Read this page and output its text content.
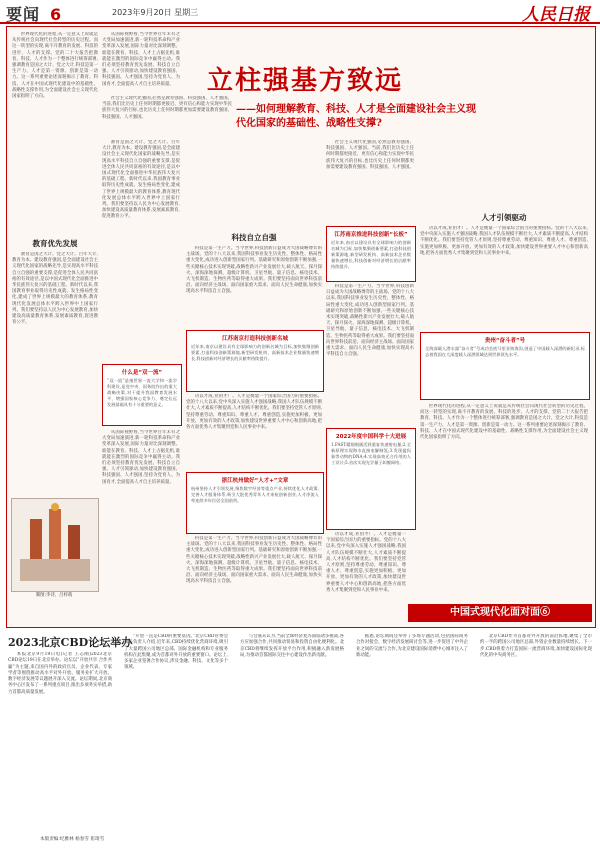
要闻 6	2023年9月20日 星期三	人民日报
立柱强基方致远
——如何理解教育、科技、人才是全面建设社会主义现代化国家的基础性、战略性支撑?

世界现代化的进程,从一定意义上说就是从传统社会向现代社会转型的历史过程。而这一转型的实现,离不开教育的发展、科技的进步、人才的支撑。党的二十大报告把教育、科技、人才作为一个整体进行统筹部署,强调教育是国之大计、党之大计,科技是第一生产力、人才是第一资源、创新是第一动力。这一系列重要论述深刻揭示了教育、科技、人才在中国式现代化建设中的基础性、战略性支撑作用,为全面建设社会主义现代化国家指明了方向。

从国际视野看,当今世界百年未有之大变局加速演进,新一轮科技革命和产业变革深入发展,国际力量对比深刻调整。谁能在教育、科技、人才上占据先机,谁就能在激烈的国际竞争中赢得主动。我们必须坚持教育优先发展、科技自立自强、人才引领驱动,加快建设教育强国、科技强国、人才强国,坚持为党育人、为国育才,全面提高人才自主培养质量。

教育优先发展

教育是国之大计、党之大计。百年大计,教育为本。建设教育强国,是全面建设社会主义现代化国家的战略先导,是实现高水平科技自立自强的重要支撑,是促进全体人民共同富裕的有效途径,是以中国式现代化全面推进中华民族伟大复兴的基础工程。新时代以来,我国教育事业取得历史性成就、发生格局性变化,建成了世界上规模最大的教育体系,教育现代化发展总体水平跨入世界中上国家行列。我们要坚持以人民为中心发展教育,加快建设高质量教育体系,发展素质教育,促进教育公平。

制图:李诗、吕梓萌

社会主义现代化强国,必然是教育强国、科技强国、人才强国。当前,我们比历史上任何时期都更接近、更有信心和能力实现中华民族伟大复兴的目标,也比历史上任何时期都更加需要建设教育强国、科技强国、人才强国。

教育是国之大计、党之大计。百年大计,教育为本。建设教育强国,是全面建设社会主义现代化国家的战略先导,是实现高水平科技自立自强的重要支撑,是促进全体人民共同富裕的有效途径,是以中国式现代化全面推进中华民族伟大复兴的基础工程。新时代以来,我国教育事业取得历史性成就、发生格局性变化,建成了世界上规模最大的教育体系,教育现代化发展总体水平跨入世界中上国家行列。我们要坚持以人民为中心发展教育,加快建设高质量教育体系,发展素质教育,促进教育公平。

什么是“双一流”
“双一流”是指世界一流大学和一流学科建设,是党中央、国务院作出的重大战略决策,对于提升我国教育发展水平、增强国家核心竞争力、奠定长远发展基础具有十分重要的意义。

从国际视野看,当今世界百年未有之大变局加速演进,新一轮科技革命和产业变革深入发展,国际力量对比深刻调整。谁能在教育、科技、人才上占据先机,谁就能在激烈的国际竞争中赢得主动。我们必须坚持教育优先发展、科技自立自强、人才引领驱动,加快建设教育强国、科技强国、人才强国,坚持为党育人、为国育才,全面提高人才自主培养质量。

科技自立自强

科技是第一生产力。当今世界,科技创新日益成为大国战略博弈的主战场。党的十八大以来,我国科技事业发生历史性、整体性、格局性重大变化,成功进入创新型国家行列。基础研究和原始创新不断加强,一些关键核心技术实现突破,战略性新兴产业发展壮大,载人航天、探月探火、深海深地探测、超级计算机、卫星导航、量子信息、核电技术、大飞机制造、生物医药等取得重大成果。我们要坚持面向世界科技前沿、面向经济主战场、面向国家重大需求、面向人民生命健康,加快实现高水平科技自立自强。

江苏南京打造科技创新名城
近年来,南京以建设具有全球影响力的创新名城为目标,加快集聚创新要素,打造科技创新策源地,新型研发机构、高新技术企业数量快速增长,科技创新对经济增长的贡献率持续提升。

功以才成,业由才广。人才是衡量一个国家综合国力的重要指标。党的十八大以来,党中央深入实施人才强国战略,我国人才队伍规模不断壮大,人才素质不断提高,人才结构不断优化。我们要坚持党管人才原则,坚持尊重劳动、尊重知识、尊重人才、尊重创造,实施更加积极、更加开放、更加有效的人才政策,加快建设世界重要人才中心和创新高地,把各方面优秀人才集聚到党和人民事业中来。

浙江杭州做好“人才+”文章
杭州坚持人才引领发展,聚焦数字经济等重点产业,持续优化人才政策,完善人才服务体系,吸引大批优秀青年人才来杭创新创业,人才净流入率连续多年位居全国前列。

科技是第一生产力。当今世界,科技创新日益成为大国战略博弈的主战场。党的十八大以来,我国科技事业发生历史性、整体性、格局性重大变化,成功进入创新型国家行列。基础研究和原始创新不断加强,一些关键核心技术实现突破,战略性新兴产业发展壮大,载人航天、探月探火、深海深地探测、超级计算机、卫星导航、量子信息、核电技术、大飞机制造、生物医药等取得重大成果。我们要坚持面向世界科技前沿、面向经济主战场、面向国家重大需求、面向人民生命健康,加快实现高水平科技自立自强。

社会主义现代化强国,必然是教育强国、科技强国、人才强国。当前,我们比历史上任何时期都更接近、更有信心和能力实现中华民族伟大复兴的目标,也比历史上任何时期都更加需要建设教育强国、科技强国、人才强国。

江苏南京推进科技创新“长板”
近年来,南京以建设具有全球影响力的创新名城为目标,加快集聚创新要素,打造科技创新策源地,新型研发机构、高新技术企业数量快速增长,科技创新对经济增长的贡献率持续提升。

科技是第一生产力。当今世界,科技创新日益成为大国战略博弈的主战场。党的十八大以来,我国科技事业发生历史性、整体性、格局性重大变化,成功进入创新型国家行列。基础研究和原始创新不断加强,一些关键核心技术实现突破,战略性新兴产业发展壮大,载人航天、探月探火、深海深地探测、超级计算机、卫星导航、量子信息、核电技术、大飞机制造、生物医药等取得重大成果。我们要坚持面向世界科技前沿、面向经济主战场、面向国家重大需求、面向人民生命健康,加快实现高水平科技自立自强。

2022年度中国科学十大进展
1.FAST精细刻画活跃重复快速射电暴;2.全新原理实现海水直接电解制氢;3.发现猛犸象等动物的DNA;4.实现高效光合作用的人工设计;5.首次实现光学量子纠缠网络。

功以才成,业由才广。人才是衡量一个国家综合国力的重要指标。党的十八大以来,党中央深入实施人才强国战略,我国人才队伍规模不断壮大,人才素质不断提高,人才结构不断优化。我们要坚持党管人才原则,坚持尊重劳动、尊重知识、尊重人才、尊重创造,实施更加积极、更加开放、更加有效的人才政策,加快建设世界重要人才中心和创新高地,把各方面优秀人才集聚到党和人民事业中来。

人才引领驱动

功以才成,业由才广。人才是衡量一个国家综合国力的重要指标。党的十八大以来,党中央深入实施人才强国战略,我国人才队伍规模不断壮大,人才素质不断提高,人才结构不断优化。我们要坚持党管人才原则,坚持尊重劳动、尊重知识、尊重人才、尊重创造,实施更加积极、更加开放、更加有效的人才政策,加快建设世界重要人才中心和创新高地,把各方面优秀人才集聚到党和人民事业中来。

贵州“奋斗者”号
全海深载人潜水器“奋斗者”号成功坐底马里亚纳海沟,创造了中国载人深潜的新纪录,标志着我国在大深度载人深潜领域达到世界领先水平。

世界现代化的进程,从一定意义上说就是从传统社会向现代社会转型的历史过程。而这一转型的实现,离不开教育的发展、科技的进步、人才的支撑。党的二十大报告把教育、科技、人才作为一个整体进行统筹部署,强调教育是国之大计、党之大计,科技是第一生产力、人才是第一资源、创新是第一动力。这一系列重要论述深刻揭示了教育、科技、人才在中国式现代化建设中的基础性、战略性支撑作用,为全面建设社会主义现代化国家指明了方向。

中国式现代化面对面⑥
2023北京CBD论坛举办

本报北京9月19日电(记者 王志刚)2023北京CBD论坛19日在北京举办。论坛以“开放共享 合作共赢”为主题,来自国内外的政府官员、企业代表、专家学者等围绕推动高水平对外开放、服务业扩大开放、数字经济发展等议题展开深入交流。论坛期间,北京商务中心区发布了一系列重点项目,推出多项务实举措,助力首都高质量发展。

“开放一直是CBD的重要基因。”北京CBD管委会相关负责人介绍,近年来,CBD持续优化营商环境,吸引了大量跨国公司地区总部、国际金融机构和专业服务机构在此集聚,成为首都对外开放的重要窗口。论坛上,多家企业签署合作协议,涉及金融、科技、文化等多个领域。

与会嘉宾认为,当前全球经济复苏面临诸多挑战,各方应加强合作,共同推动贸易和投资自由化便利化。北京CBD将继续发挥开放平台作用,积极融入新发展格局,为推动首都国际交往中心建设作出新贡献。

据悉,论坛期间还举办了多场专题活动,包括国际商务合作对接会、数字经济发展研讨会等,进一步促进了中外企业之间的交流与合作,为北京建设国际消费中心城市注入了新动能。

北京CBD作为首都对外开放的前沿阵地,聚集了全市约一半的跨国公司地区总部,外资企业数量持续增长。下一步,CBD将着力打造国际一流营商环境,加快建设国际化现代化的中央商务区。

本版责编:纪雅林 杨春雪 崔琦雪
